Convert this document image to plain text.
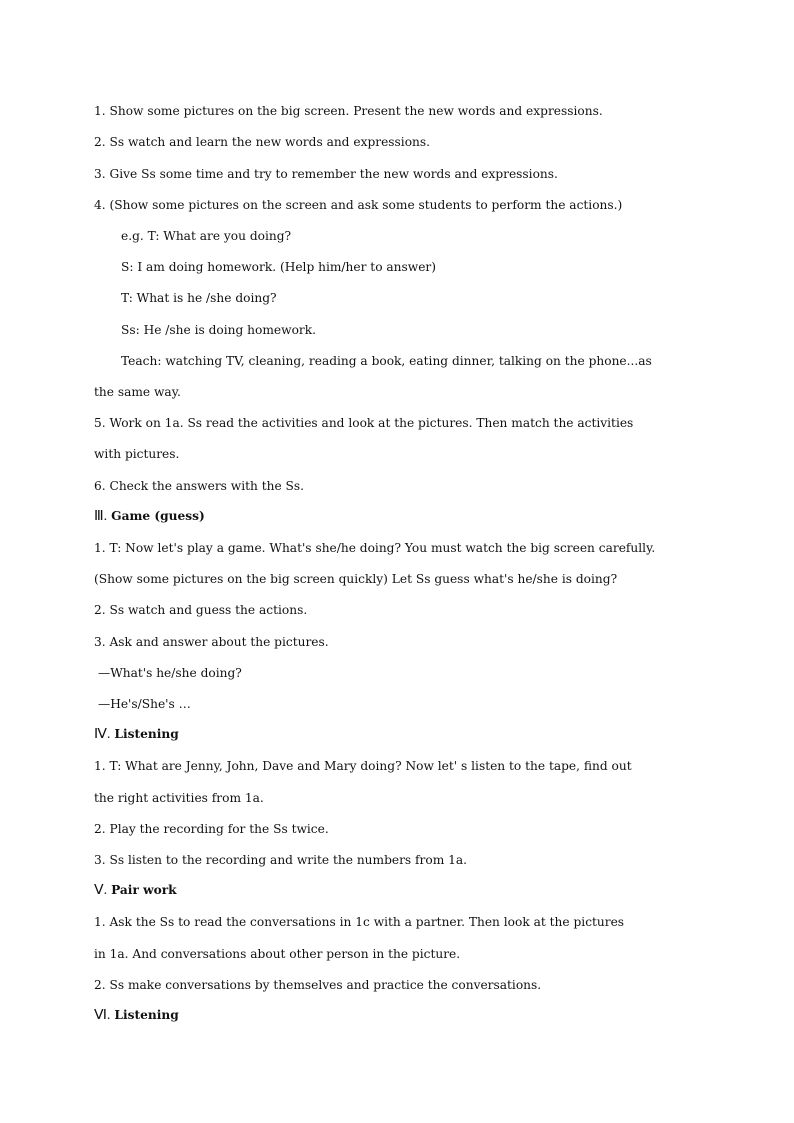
1. Show some pictures on the big screen. Present the new words and expressions.
2. Ss watch and learn the new words and expressions.
3. Give Ss some time and try to remember the new words and expressions.
4. (Show some pictures on the screen and ask some students to perform the actions.)
e.g. T: What are you doing?
S: I am doing homework. (Help him/her to answer)
T: What is he /she doing?
Ss: He /she is doing homework.
Teach: watching TV, cleaning, reading a book, eating dinner, talking on the phone...as
the same way.
5. Work on 1a. Ss read the activities and look at the pictures. Then match the activities
with pictures.
6. Check the answers with the Ss.
Ⅲ. Game (guess)
1. T: Now let's play a game. What's she/he doing? You must watch the big screen carefully.
(Show some pictures on the big screen quickly) Let Ss guess what's he/she is doing?
2. Ss watch and guess the actions.
3. Ask and answer about the pictures.
—What's he/she doing?
—He's/She's …
Ⅳ. Listening
1. T: What are Jenny, John, Dave and Mary doing? Now let' s listen to the tape, find out
the right activities from 1a.
2. Play the recording for the Ss twice.
3. Ss listen to the recording and write the numbers from 1a.
Ⅴ. Pair work
1. Ask the Ss to read the conversations in 1c with a partner. Then look at the pictures
in 1a. And conversations about other person in the picture.
2. Ss make conversations by themselves and practice the conversations.
Ⅵ. Listening
